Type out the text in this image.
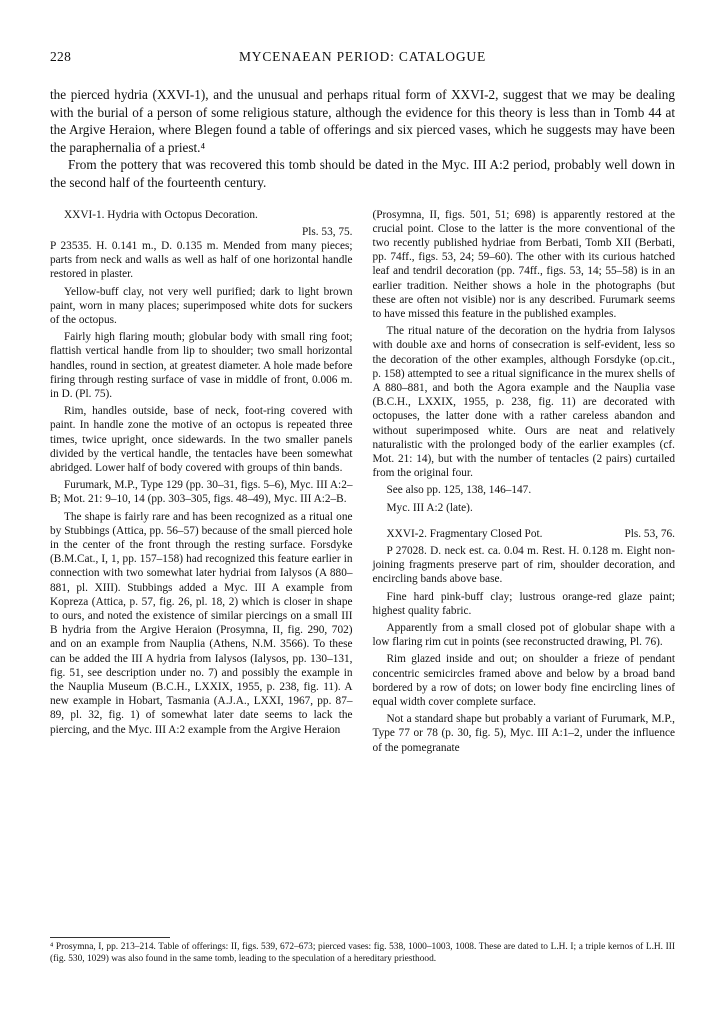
228	MYCENAEAN PERIOD: CATALOGUE

the pierced hydria (XXVI-1), and the unusual and perhaps ritual form of XXVI-2, suggest that we may be dealing with the burial of a person of some religious stature, although the evidence for this theory is less than in Tomb 44 at the Argive Heraion, where Blegen found a table of offerings and six pierced vases, which he suggests may have been the paraphernalia of a priest.⁴

From the pottery that was recovered this tomb should be dated in the Myc. III A:2 period, probably well down in the second half of the fourteenth century.

XXVI-1. Hydria with Octopus Decoration.

Pls. 53, 75.

P 23535. H. 0.141 m., D. 0.135 m. Mended from many pieces; parts from neck and walls as well as half of one horizontal handle restored in plaster.

Yellow-buff clay, not very well purified; dark to light brown paint, worn in many places; superimposed white dots for suckers of the octopus.

Fairly high flaring mouth; globular body with small ring foot; flattish vertical handle from lip to shoulder; two small horizontal handles, round in section, at greatest diameter. A hole made before firing through resting surface of vase in middle of front, 0.006 m. in D. (Pl. 75).

Rim, handles outside, base of neck, foot-ring covered with paint. In handle zone the motive of an octopus is repeated three times, twice upright, once sidewards. In the two smaller panels divided by the vertical handle, the tentacles have been somewhat abridged. Lower half of body covered with groups of thin bands.

Furumark, M.P., Type 129 (pp. 30–31, figs. 5–6), Myc. III A:2–B; Mot. 21: 9–10, 14 (pp. 303–305, figs. 48–49), Myc. III A:2–B.

The shape is fairly rare and has been recognized as a ritual one by Stubbings (Attica, pp. 56–57) because of the small pierced hole in the center of the front through the resting surface. Forsdyke (B.M.Cat., I, 1, pp. 157–158) had recognized this feature earlier in connection with two somewhat later hydriai from Ialysos (A 880–881, pl. XIII). Stubbings added a Myc. III A example from Kopreza (Attica, p. 57, fig. 26, pl. 18, 2) which is closer in shape to ours, and noted the existence of similar piercings on a small III B hydria from the Argive Heraion (Prosymna, II, fig. 290, 702) and on an example from Nauplia (Athens, N.M. 3566). To these can be added the III A hydria from Ialysos (Ialysos, pp. 130–131, fig. 51, see description under no. 7) and possibly the example in the Nauplia Museum (B.C.H., LXXIX, 1955, p. 238, fig. 11). A new example in Hobart, Tasmania (A.J.A., LXXI, 1967, pp. 87–89, pl. 32, fig. 1) of somewhat later date seems to lack the piercing, and the Myc. III A:2 example from the Argive Heraion

(Prosymna, II, figs. 501, 51; 698) is apparently restored at the crucial point. Close to the latter is the more conventional of the two recently published hydriae from Berbati, Tomb XII (Berbati, pp. 74ff., figs. 53, 24; 59–60). The other with its curious hatched leaf and tendril decoration (pp. 74ff., figs. 53, 14; 55–58) is in an earlier tradition. Neither shows a hole in the photographs (but these are often not visible) nor is any described. Furumark seems to have missed this feature in the published examples.

The ritual nature of the decoration on the hydria from Ialysos with double axe and horns of consecration is self-evident, less so the decoration of the other examples, although Forsdyke (op.cit., p. 158) attempted to see a ritual significance in the murex shells of A 880–881, and both the Agora example and the Nauplia vase (B.C.H., LXXIX, 1955, p. 238, fig. 11) are decorated with octopuses, the latter done with a rather careless abandon and without superimposed white. Ours are neat and relatively naturalistic with the prolonged body of the earlier examples (cf. Mot. 21: 14), but with the number of tentacles (2 pairs) curtailed from the original four.

See also pp. 125, 138, 146–147.

Myc. III A:2 (late).

XXVI-2. Fragmentary Closed Pot.	Pls. 53, 76.

P 27028. D. neck est. ca. 0.04 m. Rest. H. 0.128 m. Eight non-joining fragments preserve part of rim, shoulder decoration, and encircling bands above base.

Fine hard pink-buff clay; lustrous orange-red glaze paint; highest quality fabric.

Apparently from a small closed pot of globular shape with a low flaring rim cut in points (see reconstructed drawing, Pl. 76).

Rim glazed inside and out; on shoulder a frieze of pendant concentric semicircles framed above and below by a broad band bordered by a row of dots; on lower body fine encircling lines of equal width cover complete surface.

Not a standard shape but probably a variant of Furumark, M.P., Type 77 or 78 (p. 30, fig. 5), Myc. III A:1–2, under the influence of the pomegranate

⁴ Prosymna, I, pp. 213–214. Table of offerings: II, figs. 539, 672–673; pierced vases: fig. 538, 1000–1003, 1008. These are dated to L.H. I; a triple kernos of L.H. III (fig. 530, 1029) was also found in the same tomb, leading to the speculation of a hereditary priesthood.
